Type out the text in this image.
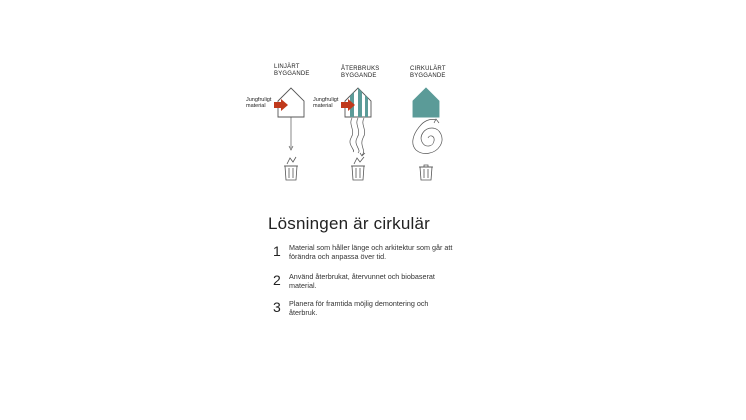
LINJÄRT
BYGGANDE
ÅTERBRUKS
BYGGANDE
CIRKULÄRT
BYGGANDE
Jungfruligt
material
Jungfruligt
material
Lösningen är cirkulär
1 Material som håller länge och arkitektur som går att förändra och anpassa över tid.
2 Använd återbrukat, återvunnet och biobaserat material.
3 Planera för framtida möjlig demontering och återbruk.
